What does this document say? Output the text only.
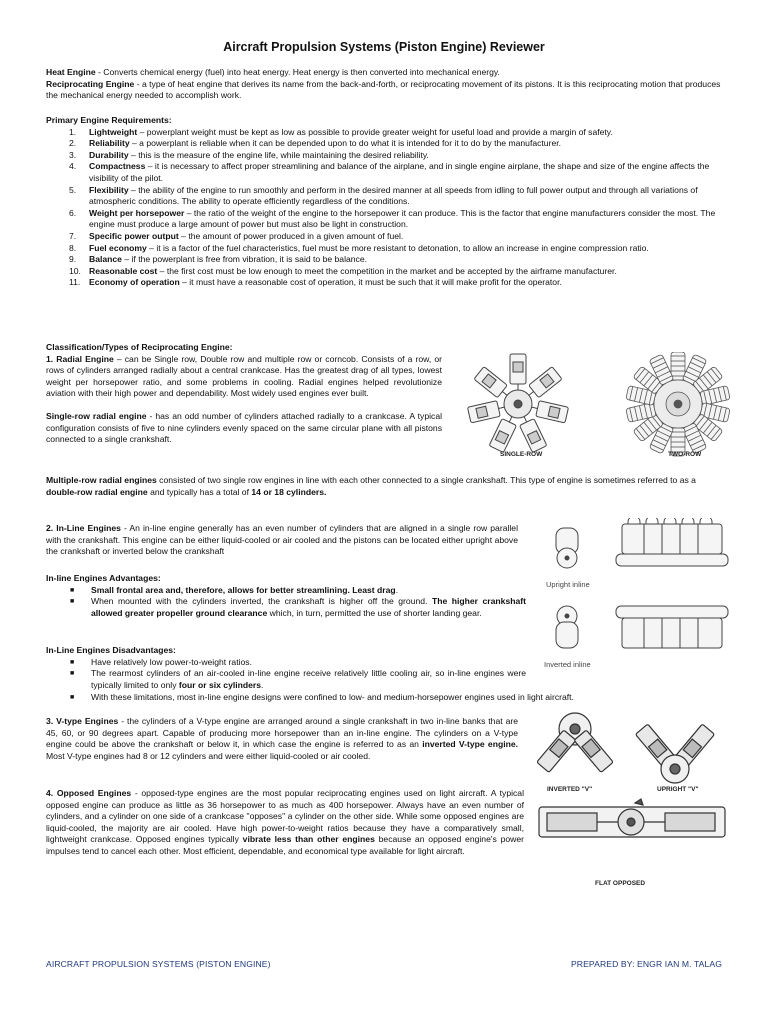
Aircraft Propulsion Systems (Piston Engine) Reviewer
Heat Engine - Converts chemical energy (fuel) into heat energy. Heat energy is then converted into mechanical energy.
Reciprocating Engine - a type of heat engine that derives its name from the back-and-forth, or reciprocating movement of its pistons. It is this reciprocating motion that produces the mechanical energy needed to accomplish work.
Primary Engine Requirements:
1. Lightweight – powerplant weight must be kept as low as possible to provide greater weight for useful load and provide a margin of safety.
2. Reliability – a powerplant is reliable when it can be depended upon to do what it is intended for it to do by the manufacturer.
3. Durability – this is the measure of the engine life, while maintaining the desired reliability.
4. Compactness – it is necessary to affect proper streamlining and balance of the airplane, and in single engine airplane, the shape and size of the engine affects the visibility of the pilot.
5. Flexibility – the ability of the engine to run smoothly and perform in the desired manner at all speeds from idling to full power output and through all variations of atmospheric conditions. The ability to operate efficiently regardless of the conditions.
6. Weight per horsepower – the ratio of the weight of the engine to the horsepower it can produce. This is the factor that engine manufacturers consider the most. The engine must produce a large amount of power but must also be light in construction.
7. Specific power output – the amount of power produced in a given amount of fuel.
8. Fuel economy – it is a factor of the fuel characteristics, fuel must be more resistant to detonation, to allow an increase in engine compression ratio.
9. Balance – if the powerplant is free from vibration, it is said to be balance.
10. Reasonable cost – the first cost must be low enough to meet the competition in the market and be accepted by the airframe manufacturer.
11. Economy of operation – it must have a reasonable cost of operation, it must be such that it will make profit for the operator.
Classification/Types of Reciprocating Engine:
1. Radial Engine – can be Single row, Double row and multiple row or corncob. Consists of a row, or rows of cylinders arranged radially about a central crankcase. Has the greatest drag of all types, lowest weight per horsepower ratio, and some problems in cooling. Radial engines helped revolutionize aviation with their high power and dependability. Most widely used engines ever built.
Single-row radial engine - has an odd number of cylinders attached radially to a crankcase. A typical configuration consists of five to nine cylinders evenly spaced on the same circular plane with all pistons connected to a single crankshaft.
Multiple-row radial engines consisted of two single row engines in line with each other connected to a single crankshaft. This type of engine is sometimes referred to as a double-row radial engine and typically has a total of 14 or 18 cylinders.
SINGLE-ROW	TWO-ROW
2. In-Line Engines - An in-line engine generally has an even number of cylinders that are aligned in a single row parallel with the crankshaft. This engine can be either liquid-cooled or air cooled and the pistons can be located either upright above the crankshaft or inverted below the crankshaft
In-line Engines Advantages:
■ Small frontal area and, therefore, allows for better streamlining. Least drag.
■ When mounted with the cylinders inverted, the crankshaft is higher off the ground. The higher crankshaft allowed greater propeller ground clearance which, in turn, permitted the use of shorter landing gear.
In-Line Engines Disadvantages:
■ Have relatively low power-to-weight ratios.
■ The rearmost cylinders of an air-cooled in-line engine receive relatively little cooling air, so in-line engines were typically limited to only four or six cylinders.
■ With these limitations, most in-line engine designs were confined to low- and medium-horsepower engines used in light aircraft.
Upright inline
Inverted inline
3. V-type Engines - the cylinders of a V-type engine are arranged around a single crankshaft in two in-line banks that are 45, 60, or 90 degrees apart. Capable of producing more horsepower than an in-line engine. The cylinders on a V-type engine could be above the crankshaft or below it, in which case the engine is referred to as an inverted V-type engine. Most V-type engines had 8 or 12 cylinders and were either liquid-cooled or air cooled.
4. Opposed Engines - opposed-type engines are the most popular reciprocating engines used on light aircraft. A typical opposed engine can produce as little as 36 horsepower to as much as 400 horsepower. Always have an even number of cylinders, and a cylinder on one side of a crankcase "opposes" a cylinder on the other side. While some opposed engines are liquid-cooled, the majority are air cooled. Have high power-to-weight ratios because they have a comparatively small, lightweight crankcase. Opposed engines typically vibrate less than other engines because an opposed engine's power impulses tend to cancel each other. Most efficient, dependable, and economical type available for light aircraft.
INVERTED "V"	UPRIGHT "V"
FLAT OPPOSED
AIRCRAFT PROPULSION SYSTEMS (PISTON ENGINE)	PREPARED BY: ENGR IAN M. TALAG
